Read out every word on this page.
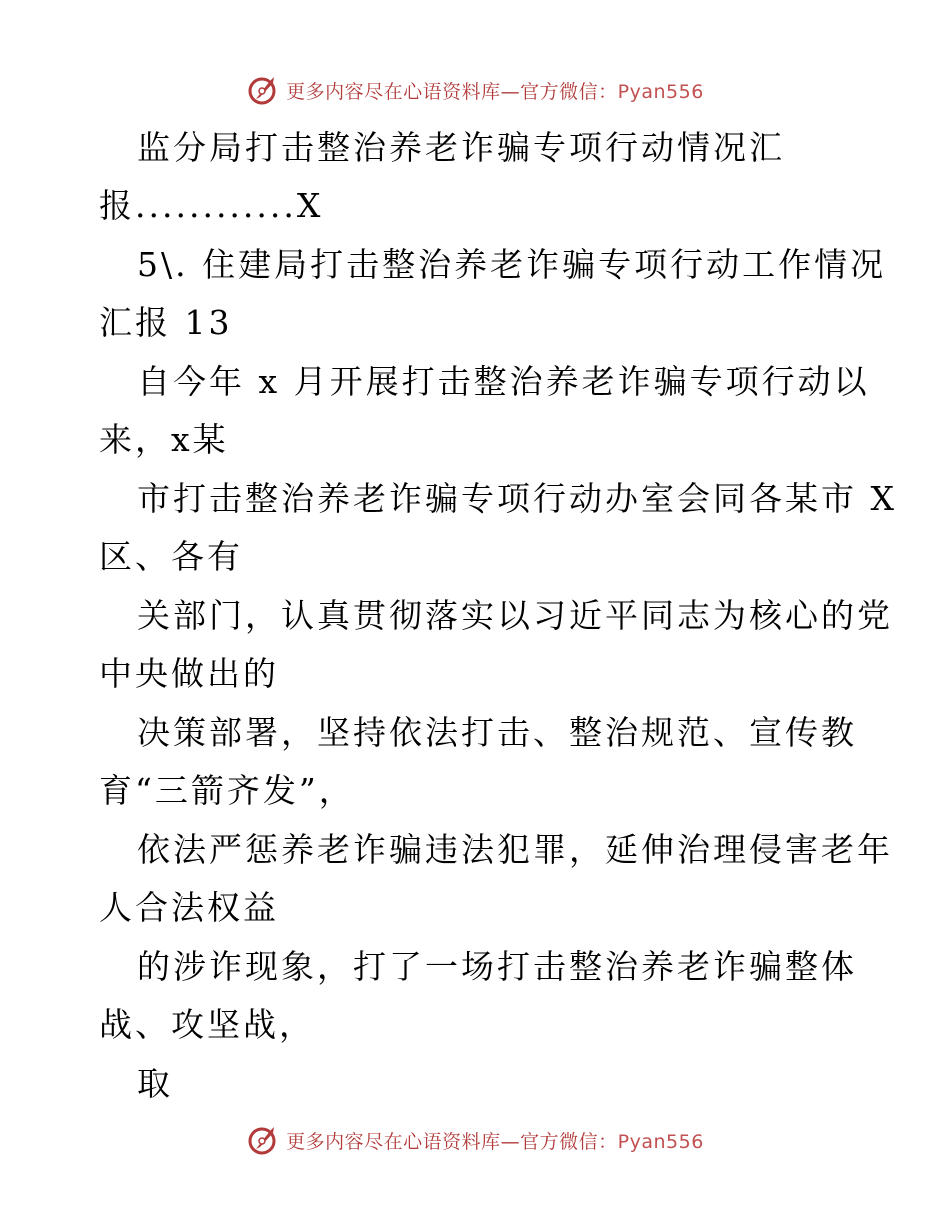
更多内容尽在心语资料库—官方微信：Pyan556
监分局打击整治养老诈骗专项行动情况汇
报............X
5\. 住建局打击整治养老诈骗专项行动工作情况
汇报 13
自今年 x 月开展打击整治养老诈骗专项行动以
来，x某
市打击整治养老诈骗专项行动办室会同各某市 X
区、各有
关部门，认真贯彻落实以习近平同志为核心的党
中央做出的
决策部署，坚持依法打击、整治规范、宣传教
育“三箭齐发”，
依法严惩养老诈骗违法犯罪，延伸治理侵害老年
人合法权益
的涉诈现象，打了一场打击整治养老诈骗整体
战、攻坚战，
取
更多内容尽在心语资料库—官方微信：Pyan556
